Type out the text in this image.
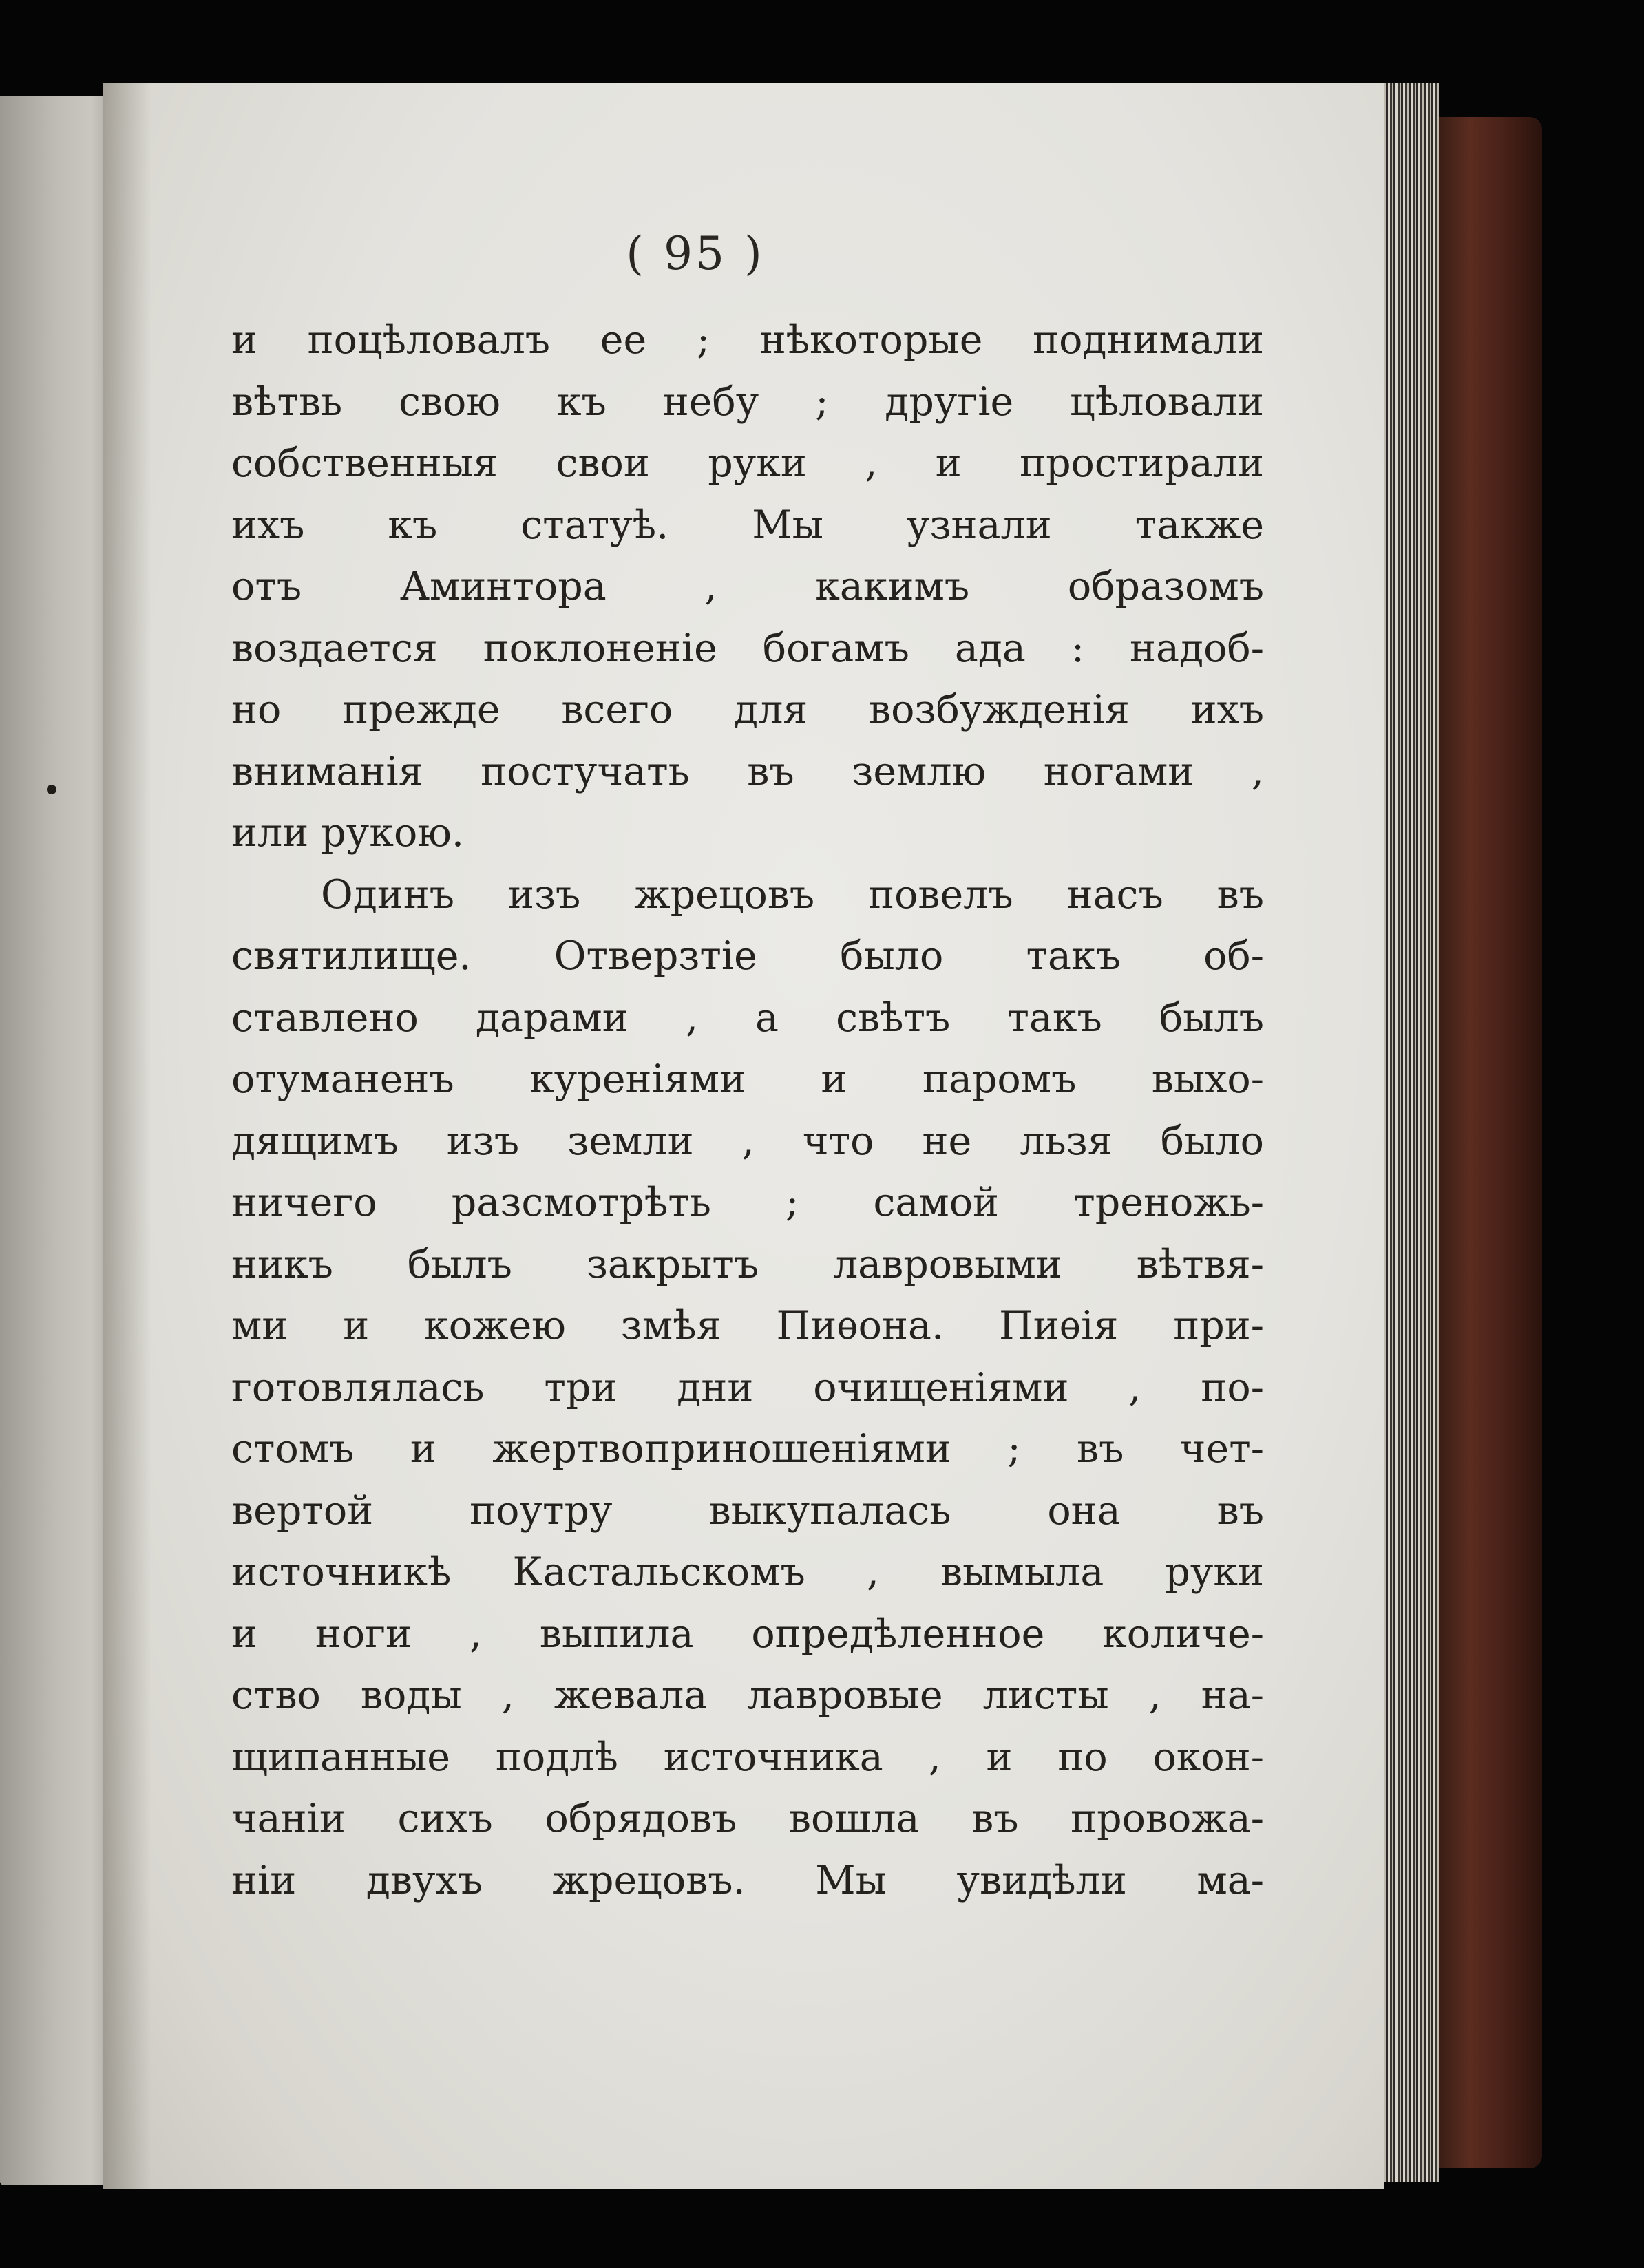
( 95 )
и поцѣловалъ ее ; нѣкоторые поднимали
вѣтвь свою къ небу ; другіе цѣловали
собственныя свои руки , и простирали
ихъ къ статуѣ. Мы узнали также
отъ Аминтора , какимъ образомъ
воздается поклоненіе богамъ ада : надоб-
но прежде всего для возбужденія ихъ
вниманія постучать въ землю ногами ,
или рукою.
Одинъ изъ жрецовъ повелъ насъ въ
святилище. Отверзтіе было такъ об-
ставлено дарами , а свѣтъ такъ былъ
отуманенъ куреніями и паромъ выхо-
дящимъ изъ земли , что не льзя было
ничего разсмотрѣть ; самой треножь-
никъ былъ закрытъ лавровыми вѣтвя-
ми и кожею змѣя Пиѳона. Пиѳія при-
готовлялась три дни очищеніями , по-
стомъ и жертвоприношеніями ; въ чет-
вертой поутру выкупалась она въ
источникѣ Кастальскомъ , вымыла руки
и ноги , выпила опредѣленное количе-
ство воды , жевала лавровые листы , на-
щипанные подлѣ источника , и по окон-
чаніи сихъ обрядовъ вошла въ провожа-
ніи двухъ жрецовъ. Мы увидѣли ма-
